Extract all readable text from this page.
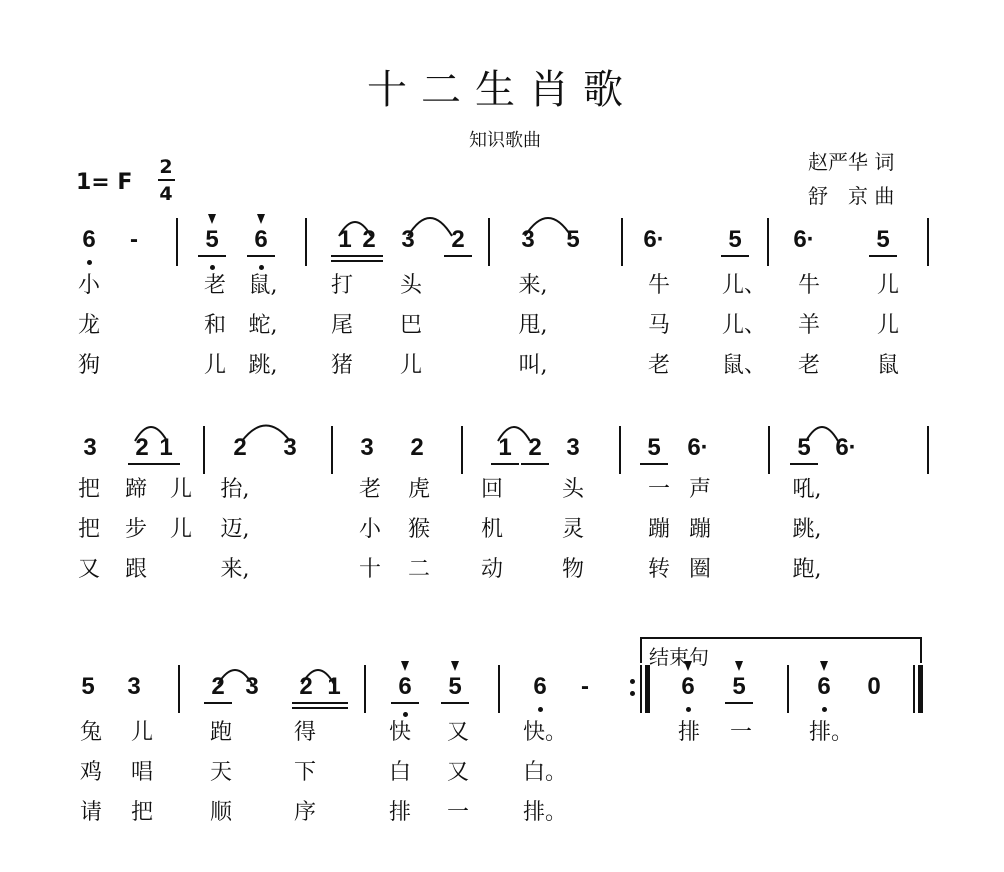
十二生肖歌
知识歌曲
赵严华 词
舒　京 曲
1= F
2
4
6	-	5 6	1 2 3 2 3 5	6·	5 6·	5
小	老 鼠, 打 头	来,	牛 儿、 牛	儿
龙	和 蛇, 尾 巴	甩,	马 儿、 羊	儿
狗	儿 跳, 猪 儿	叫,	老 鼠、 老	鼠
3 2 1	2 3	3 2	1 2 3	5 6·	5 6·
把 蹄 儿 抬,	老 虎 回	头	一 声	吼,
把 步 儿 迈,	小 猴 机	灵	蹦 蹦	跳,
又 跟	来,	十 二 动	物	转 圈	跑,
5 3	2 3 2 1 6 5	6	-	6 5	6 0
兔 儿	跑	得	快 又 快。	排 一	排。
鸡 唱	天	下	白 又 白。
请 把	顺	序	排 一 排。
结束句
